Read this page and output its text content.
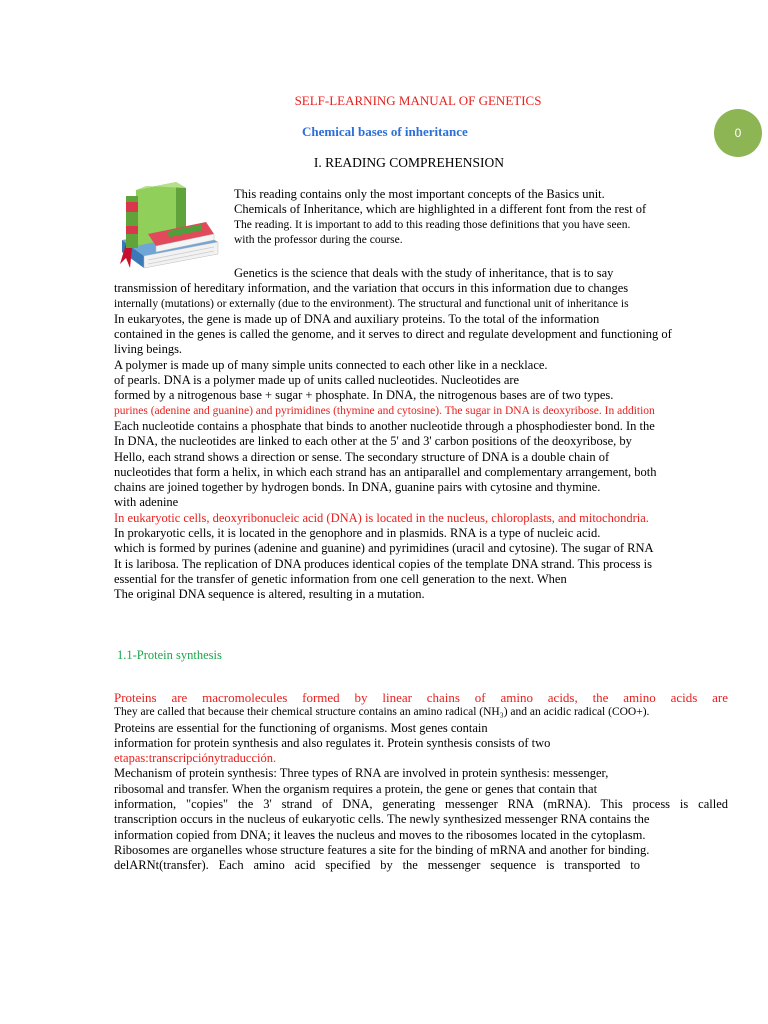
SELF-LEARNING MANUAL OF GENETICS
Chemical bases of inheritance
I. READING COMPREHENSION
0
This reading contains only the most important concepts of the Basics unit.
Chemicals of Inheritance, which are highlighted in a different font from the rest of
The reading. It is important to add to this reading those definitions that you have seen.
with the professor during the course.
Genetics is the science that deals with the study of inheritance, that is to say
transmission of hereditary information, and the variation that occurs in this information due to changes
internally (mutations) or externally (due to the environment). The structural and functional unit of inheritance is
In eukaryotes, the gene is made up of DNA and auxiliary proteins. To the total of the information
contained in the genes is called the genome, and it serves to direct and regulate development and functioning of
living beings.
A polymer is made up of many simple units connected to each other like in a necklace.
of pearls. DNA is a polymer made up of units called nucleotides. Nucleotides are
formed by a nitrogenous base + sugar + phosphate. In DNA, the nitrogenous bases are of two types.
purines (adenine and guanine) and pyrimidines (thymine and cytosine). The sugar in DNA is deoxyribose. In addition
Each nucleotide contains a phosphate that binds to another nucleotide through a phosphodiester bond. In the
In DNA, the nucleotides are linked to each other at the 5' and 3' carbon positions of the deoxyribose, by
Hello, each strand shows a direction or sense. The secondary structure of DNA is a double chain of
nucleotides that form a helix, in which each strand has an antiparallel and complementary arrangement, both
chains are joined together by hydrogen bonds. In DNA, guanine pairs with cytosine and thymine.
with adenine
In eukaryotic cells, deoxyribonucleic acid (DNA) is located in the nucleus, chloroplasts, and mitochondria.
In prokaryotic cells, it is located in the genophore and in plasmids. RNA is a type of nucleic acid.
which is formed by purines (adenine and guanine) and pyrimidines (uracil and cytosine). The sugar of RNA
It is laribosa. The replication of DNA produces identical copies of the template DNA strand. This process is
essential for the transfer of genetic information from one cell generation to the next. When
The original DNA sequence is altered, resulting in a mutation.
1.1-Protein synthesis
Proteins are macromolecules formed by linear chains of amino acids, the amino acids are
They are called that because their chemical structure contains an amino radical (NH₃) and an acidic radical (COO+).
Proteins are essential for the functioning of organisms. Most genes contain
information for protein synthesis and also regulates it. Protein synthesis consists of two
etapas:transcripciónytraducción.
Mechanism of protein synthesis: Three types of RNA are involved in protein synthesis: messenger,
ribosomal and transfer. When the organism requires a protein, the gene or genes that contain that
information, "copies" the 3' strand of DNA, generating messenger RNA (mRNA). This process is called
transcription occurs in the nucleus of eukaryotic cells. The newly synthesized messenger RNA contains the
information copied from DNA; it leaves the nucleus and moves to the ribosomes located in the cytoplasm.
Ribosomes are organelles whose structure features a site for the binding of mRNA and another for binding.
delARNt(transfer). Each amino acid specified by the messenger sequence is transported to
